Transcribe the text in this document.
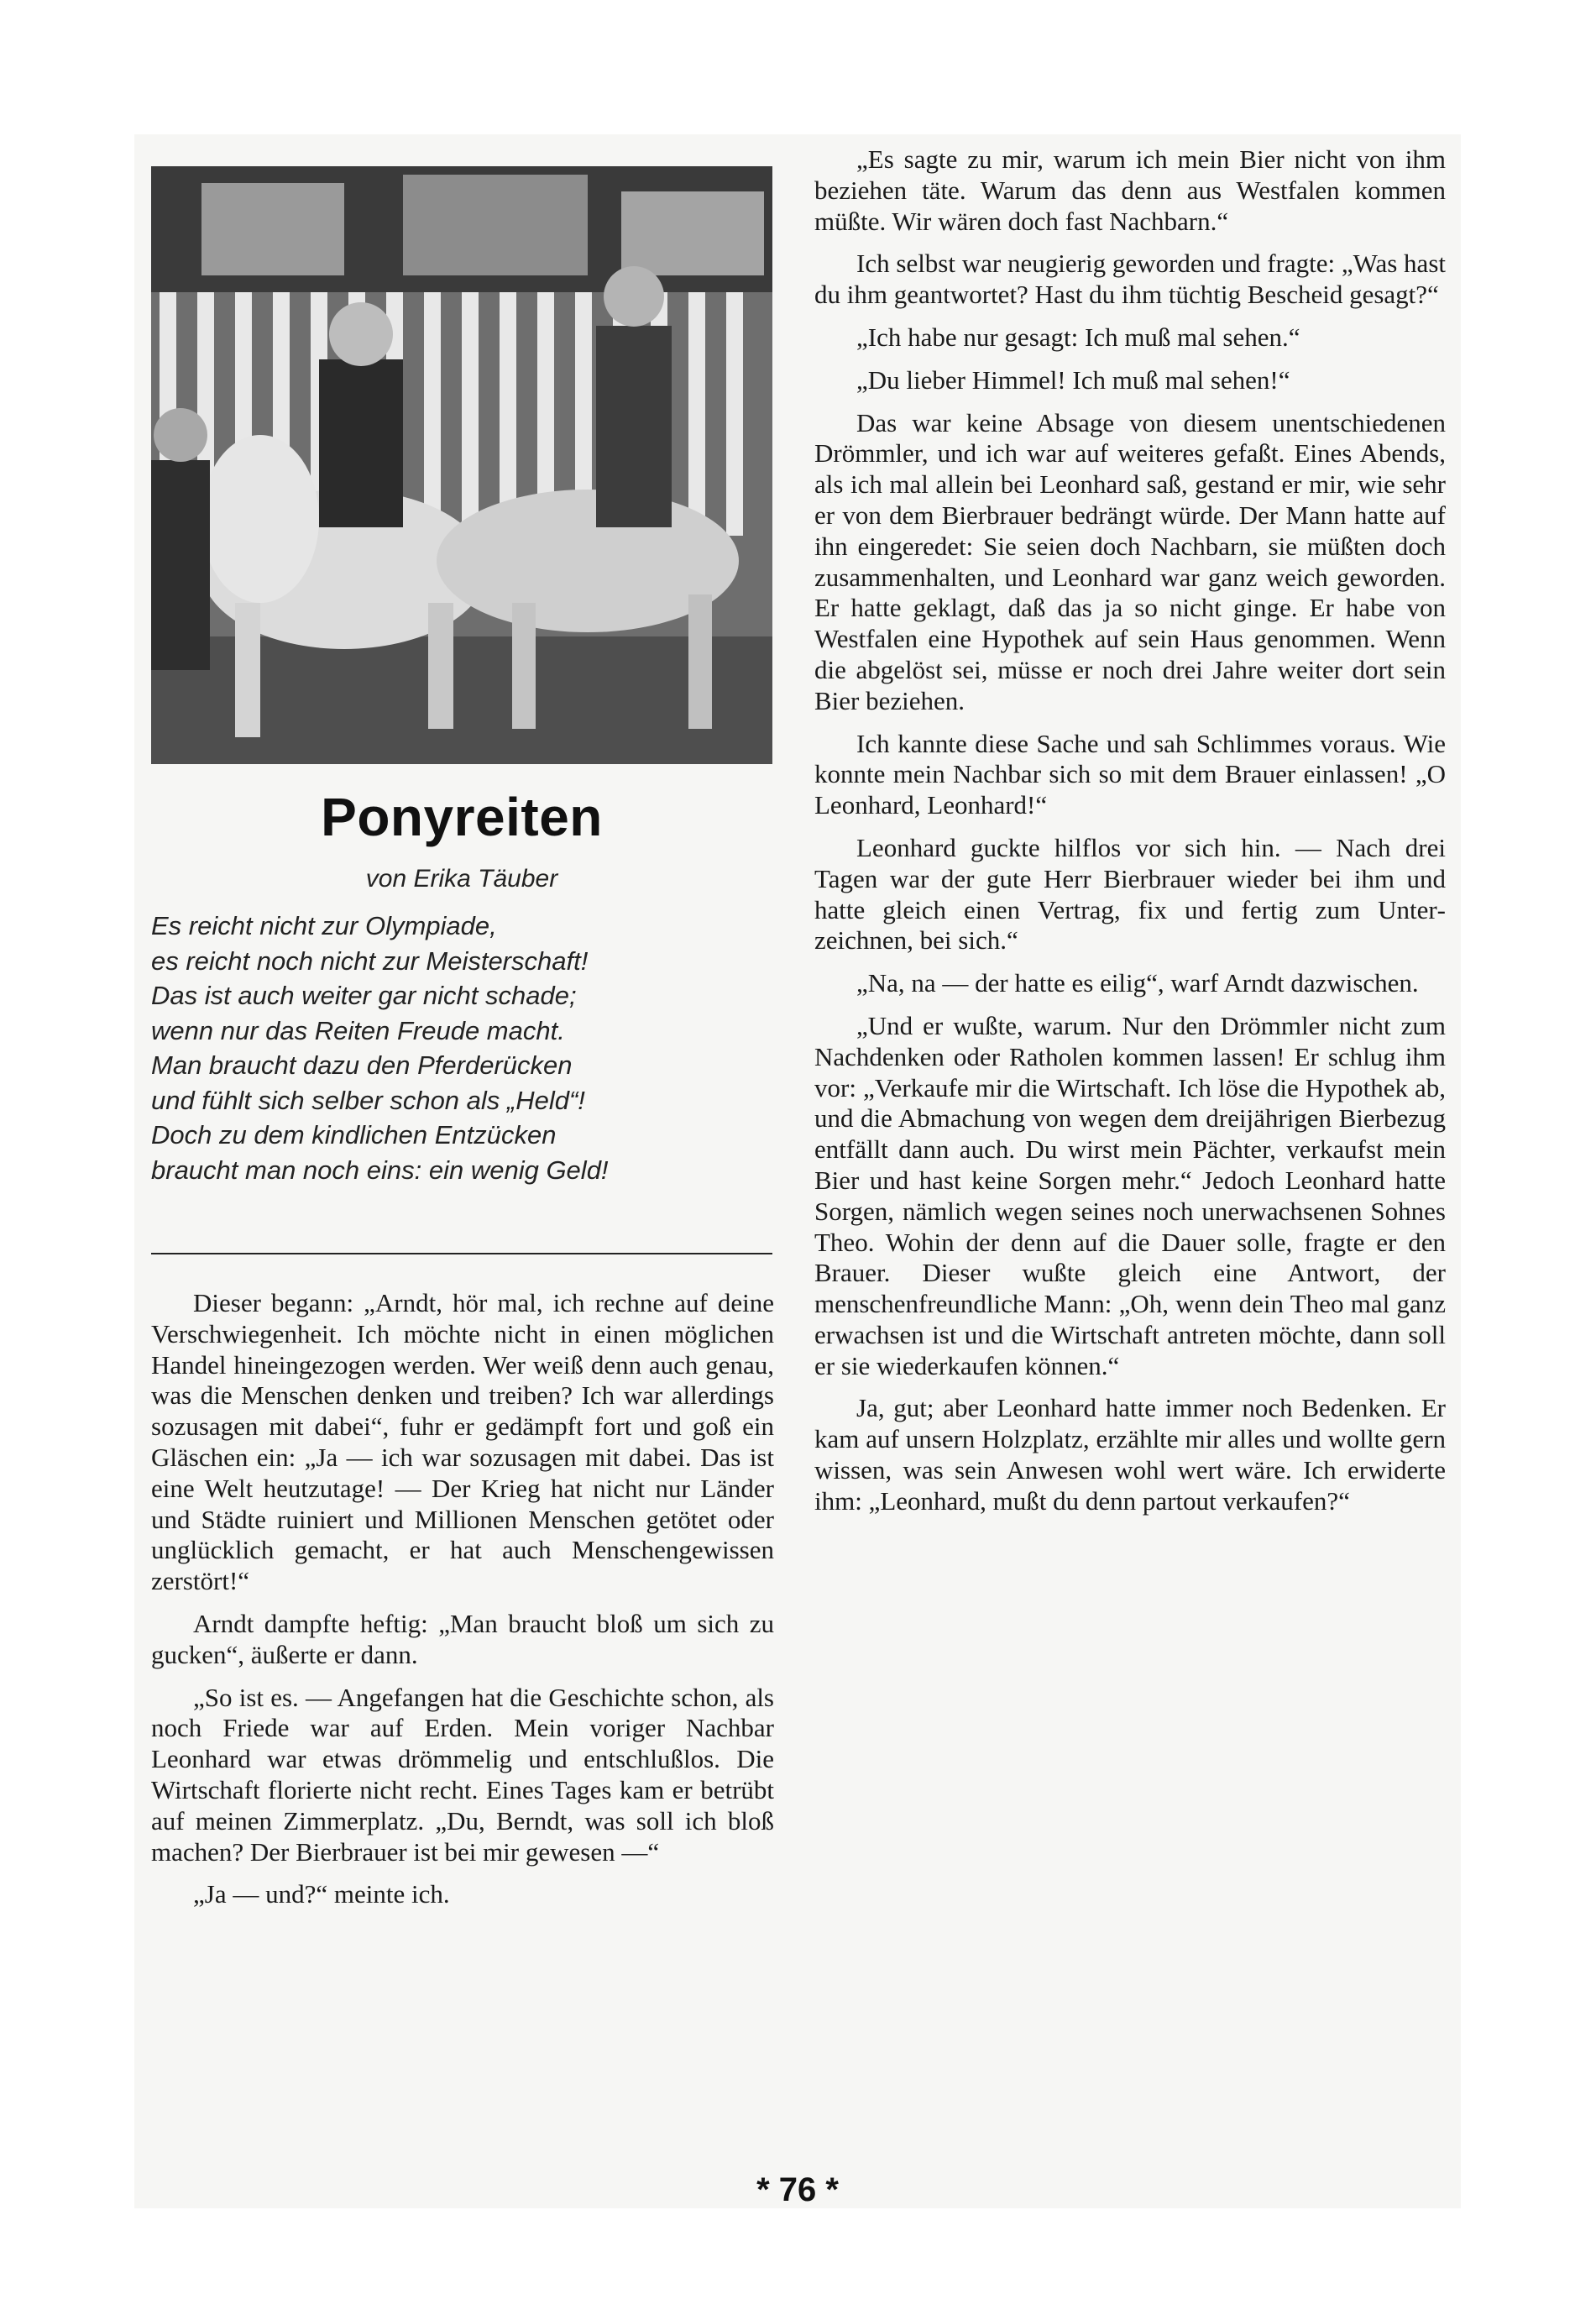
Ponyreiten
von Erika Täuber
Es reicht nicht zur Olympiade,
es reicht noch nicht zur Meisterschaft!
Das ist auch weiter gar nicht schade;
wenn nur das Reiten Freude macht.
Man braucht dazu den Pferderücken
und fühlt sich selber schon als „Held“!
Doch zu dem kindlichen Entzücken
braucht man noch eins: ein wenig Geld!

Dieser begann: „Arndt, hör mal, ich rechne auf deine Verschwiegenheit. Ich möchte nicht in einen möglichen Handel hineingezogen werden. Wer weiß denn auch genau, was die Menschen denken und treiben? Ich war allerdings sozusagen mit dabei“, fuhr er gedämpft fort und goß ein Gläschen ein: „Ja — ich war sozusagen mit dabei. Das ist eine Welt heutzutage! — Der Krieg hat nicht nur Länder und Städte ruiniert und Millionen Menschen getötet oder unglücklich gemacht, er hat auch Menschengewissen zerstört!“

Arndt dampfte heftig: „Man braucht bloß um sich zu gucken“, äußerte er dann.

„So ist es. — Angefangen hat die Geschichte schon, als noch Friede war auf Erden. Mein voriger Nachbar Leonhard war etwas drömmelig und entschlußlos. Die Wirtschaft florierte nicht recht. Eines Tages kam er betrübt auf meinen Zimmerplatz. „Du, Berndt, was soll ich bloß machen? Der Bierbrauer ist bei mir gewesen —“

„Ja — und?“ meinte ich.

„Es sagte zu mir, warum ich mein Bier nicht von ihm beziehen täte. Warum das denn aus Westfalen kommen müßte. Wir wären doch fast Nachbarn.“

Ich selbst war neugierig geworden und fragte: „Was hast du ihm geantwortet? Hast du ihm tüchtig Bescheid gesagt?“

„Ich habe nur gesagt: Ich muß mal sehen.“

„Du lieber Himmel! Ich muß mal sehen!“

Das war keine Absage von diesem unentschiedenen Drömmler, und ich war auf weiteres gefaßt. Eines Abends, als ich mal allein bei Leonhard saß, gestand er mir, wie sehr er von dem Bierbrauer bedrängt würde. Der Mann hatte auf ihn eingeredet: Sie seien doch Nachbarn, sie müßten doch zusammenhalten, und Leonhard war ganz weich geworden. Er hatte geklagt, daß das ja so nicht ginge. Er habe von Westfalen eine Hypothek auf sein Haus genommen. Wenn die abgelöst sei, müsse er noch drei Jahre weiter dort sein Bier beziehen.

Ich kannte diese Sache und sah Schlimmes voraus. Wie konnte mein Nachbar sich so mit dem Brauer einlassen! „O Leonhard, Leonhard!“

Leonhard guckte hilflos vor sich hin. — Nach drei Tagen war der gute Herr Bierbrauer wieder bei ihm und hatte gleich einen Vertrag, fix und fertig zum Unterzeichnen, bei sich.“

„Na, na — der hatte es eilig“, warf Arndt dazwischen.

„Und er wußte, warum. Nur den Drömmler nicht zum Nachdenken oder Ratholen kommen lassen! Er schlug ihm vor: „Verkaufe mir die Wirtschaft. Ich löse die Hypothek ab, und die Abmachung von wegen dem dreijährigen Bierbezug entfällt dann auch. Du wirst mein Pächter, verkaufst mein Bier und hast keine Sorgen mehr.“ Jedoch Leonhard hatte Sorgen, nämlich wegen seines noch unerwachsenen Sohnes Theo. Wohin der denn auf die Dauer solle, fragte er den Brauer. Dieser wußte gleich eine Antwort, der menschenfreundliche Mann: „Oh, wenn dein Theo mal ganz erwachsen ist und die Wirtschaft antreten möchte, dann soll er sie wiederkaufen können.“

Ja, gut; aber Leonhard hatte immer noch Bedenken. Er kam auf unsern Holzplatz, erzählte mir alles und wollte gern wissen, was sein Anwesen wohl wert wäre. Ich erwiderte ihm: „Leonhard, mußt du denn partout verkaufen?“

* 76 *
